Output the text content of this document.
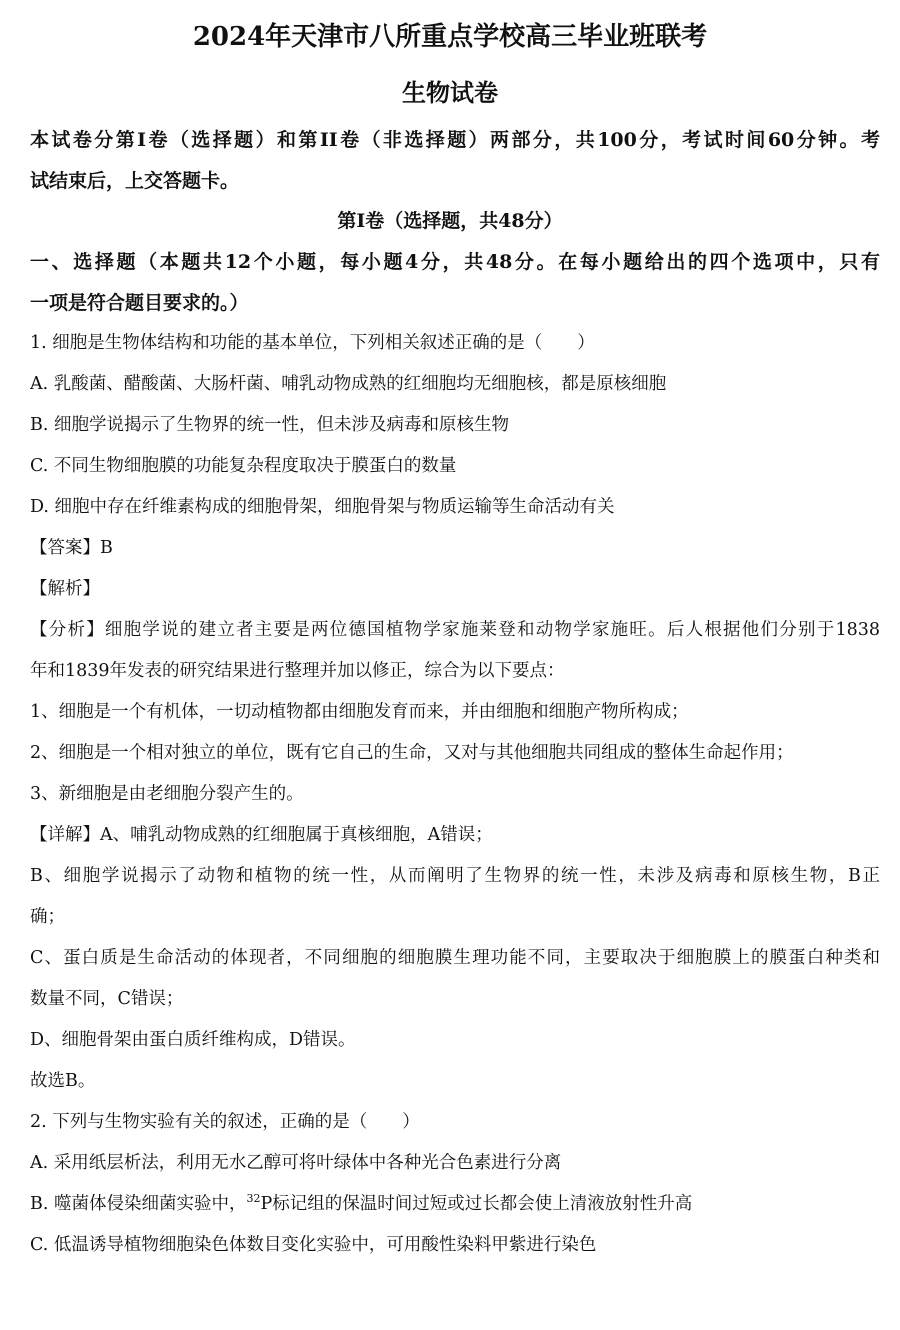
2024年天津市八所重点学校高三毕业班联考
生物试卷
本试卷分第I卷（选择题）和第II卷（非选择题）两部分，共100分，考试时间60分钟。考
试结束后，上交答题卡。
第I卷（选择题，共48分）
一、选择题（本题共12个小题，每小题4分，共48分。在每小题给出的四个选项中，只有
一项是符合题目要求的。）
1. 细胞是生物体结构和功能的基本单位，下列相关叙述正确的是（　　）
A. 乳酸菌、醋酸菌、大肠杆菌、哺乳动物成熟的红细胞均无细胞核，都是原核细胞
B. 细胞学说揭示了生物界的统一性，但未涉及病毒和原核生物
C. 不同生物细胞膜的功能复杂程度取决于膜蛋白的数量
D. 细胞中存在纤维素构成的细胞骨架，细胞骨架与物质运输等生命活动有关
【答案】B
【解析】
【分析】细胞学说的建立者主要是两位德国植物学家施莱登和动物学家施旺。后人根据他们分别于1838
年和1839年发表的研究结果进行整理并加以修正，综合为以下要点：
1、细胞是一个有机体，一切动植物都由细胞发育而来，并由细胞和细胞产物所构成；
2、细胞是一个相对独立的单位，既有它自己的生命，又对与其他细胞共同组成的整体生命起作用；
3、新细胞是由老细胞分裂产生的。
【详解】A、哺乳动物成熟的红细胞属于真核细胞，A错误；
B、细胞学说揭示了动物和植物的统一性，从而阐明了生物界的统一性，未涉及病毒和原核生物，B正
确；
C、蛋白质是生命活动的体现者，不同细胞的细胞膜生理功能不同，主要取决于细胞膜上的膜蛋白种类和
数量不同，C错误；
D、细胞骨架由蛋白质纤维构成，D错误。
故选B。
2. 下列与生物实验有关的叙述，正确的是（　　）
A. 采用纸层析法，利用无水乙醇可将叶绿体中各种光合色素进行分离
B. 噬菌体侵染细菌实验中，$^{32}$P标记组的保温时间过短或过长都会使上清液放射性升高
C. 低温诱导植物细胞染色体数目变化实验中，可用酸性染料甲紫进行染色
